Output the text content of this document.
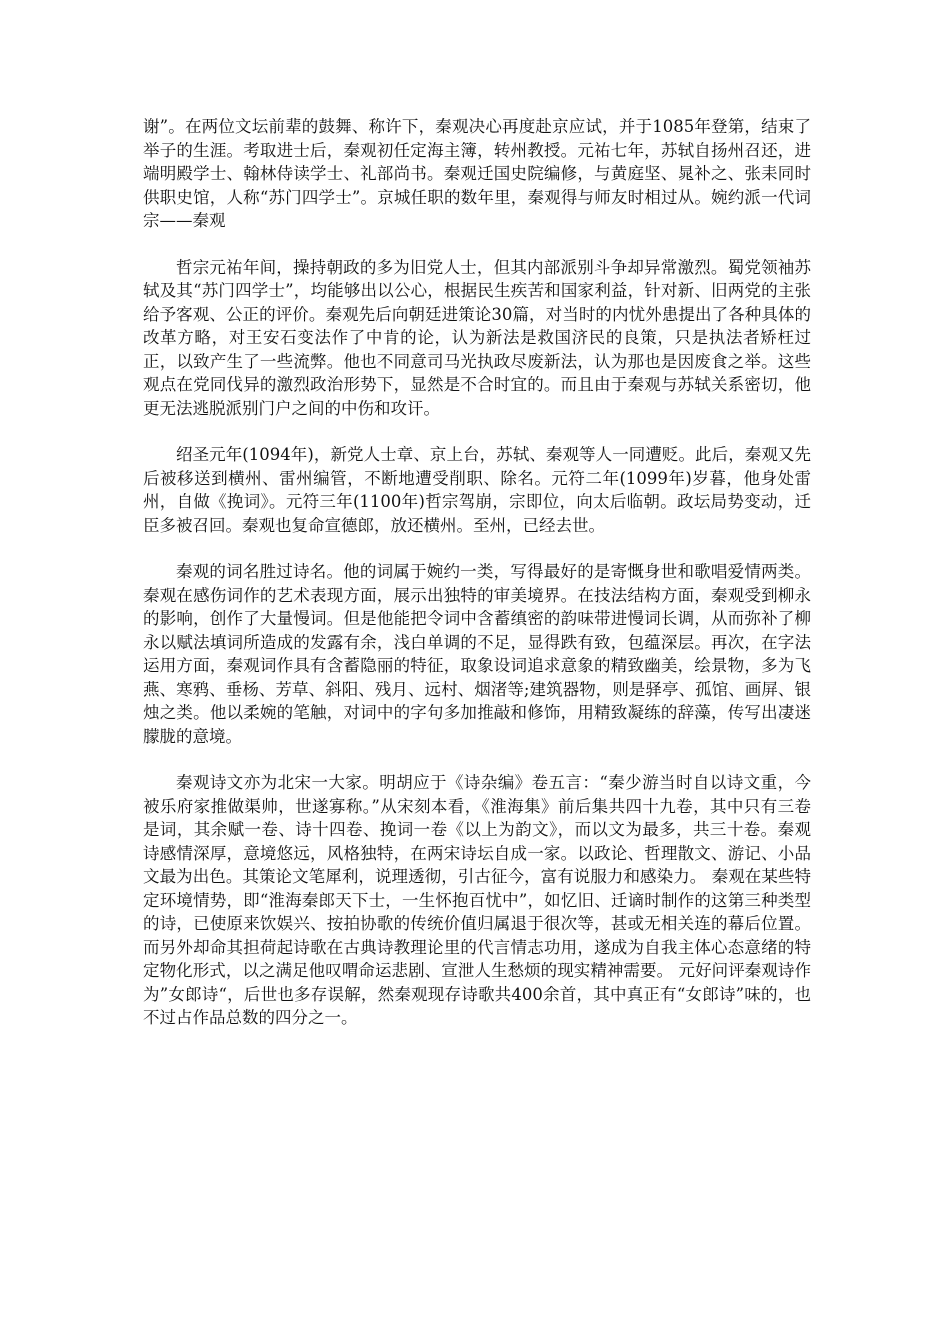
谢”。在两位文坛前辈的鼓舞、称许下，秦观决心再度赴京应试，并于1085年登第，结束了举子的生涯。考取进士后，秦观初任定海主簿，转州教授。元祐七年，苏轼自扬州召还，进端明殿学士、翰林侍读学士、礼部尚书。秦观迁国史院编修，与黄庭坚、晁补之、张耒同时供职史馆，人称“苏门四学士”。京城任职的数年里，秦观得与师友时相过从。婉约派一代词宗——秦观

哲宗元祐年间，操持朝政的多为旧党人士，但其内部派别斗争却异常激烈。蜀党领袖苏轼及其“苏门四学士”，均能够出以公心，根据民生疾苦和国家利益，针对新、旧两党的主张给予客观、公正的评价。秦观先后向朝廷进策论30篇，对当时的内忧外患提出了各种具体的改革方略，对王安石变法作了中肯的论，认为新法是救国济民的良策，只是执法者矫枉过正，以致产生了一些流弊。他也不同意司马光执政尽废新法，认为那也是因废食之举。这些观点在党同伐异的激烈政治形势下，显然是不合时宜的。而且由于秦观与苏轼关系密切，他更无法逃脱派别门户之间的中伤和攻讦。

绍圣元年(1094年)，新党人士章、京上台，苏轼、秦观等人一同遭贬。此后，秦观又先后被移送到横州、雷州编管，不断地遭受削职、除名。元符二年(1099年)岁暮，他身处雷州，自做《挽词》。元符三年(1100年)哲宗驾崩，宗即位，向太后临朝。政坛局势变动，迁臣多被召回。秦观也复命宣德郎，放还横州。至州，已经去世。

秦观的词名胜过诗名。他的词属于婉约一类，写得最好的是寄慨身世和歌唱爱情两类。秦观在感伤词作的艺术表现方面，展示出独特的审美境界。在技法结构方面，秦观受到柳永的影响，创作了大量慢词。但是他能把令词中含蓄缜密的韵味带进慢词长调，从而弥补了柳永以赋法填词所造成的发露有余，浅白单调的不足，显得跌有致，包蕴深层。再次，在字法运用方面，秦观词作具有含蓄隐丽的特征，取象设词追求意象的精致幽美，绘景物，多为飞燕、寒鸦、垂杨、芳草、斜阳、残月、远村、烟渚等;建筑器物，则是驿亭、孤馆、画屏、银烛之类。他以柔婉的笔触，对词中的字句多加推敲和修饰，用精致凝练的辞藻，传写出凄迷朦胧的意境。

秦观诗文亦为北宋一大家。明胡应于《诗杂编》卷五言：“秦少游当时自以诗文重，今被乐府家推做渠帅，世遂寡称。”从宋刻本看，《淮海集》前后集共四十九卷，其中只有三卷是词，其余赋一卷、诗十四卷、挽词一卷《以上为韵文》，而以文为最多，共三十卷。秦观诗感情深厚，意境悠远，风格独特，在两宋诗坛自成一家。以政论、哲理散文、游记、小品文最为出色。其策论文笔犀利，说理透彻，引古征今，富有说服力和感染力。 秦观在某些特定环境情势，即“淮海秦郎天下士，一生怀抱百忧中”，如忆旧、迁谪时制作的这第三种类型的诗，已使原来饮娱兴、按拍协歌的传统价值归属退于很次等，甚或无相关连的幕后位置。而另外却命其担荷起诗歌在古典诗教理论里的代言情志功用，遂成为自我主体心态意绪的特定物化形式，以之满足他叹喟命运悲剧、宣泄人生愁烦的现实精神需要。 元好问评秦观诗作为”女郎诗“，后世也多存误解，然秦观现存诗歌共400余首，其中真正有“女郎诗”味的，也不过占作品总数的四分之一。
